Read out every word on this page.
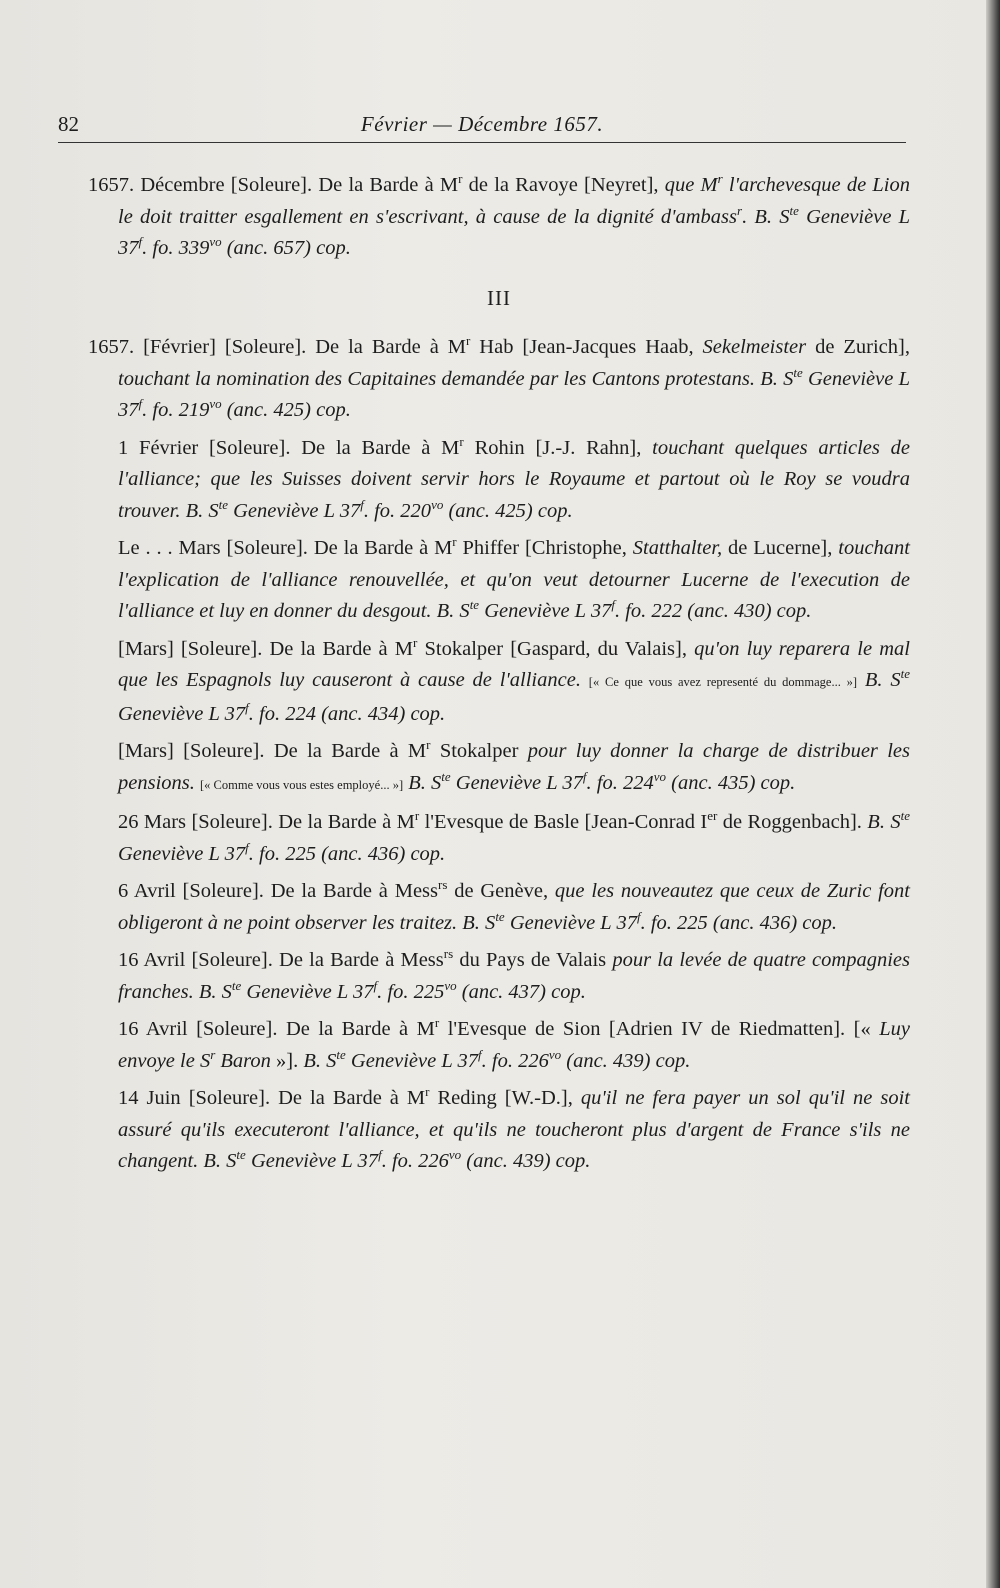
82	Février — Décembre 1657.

1657. Décembre [Soleure]. De la Barde à $M^r$ de la Ravoye [Neyret], que $M^r$ l'archevesque de Lion le doit traitter esgallement en s'escrivant, à cause de la dignité d'ambass$^r$. B. $S^{te}$ Geneviève L 37$^f$. fo. $339^{vo}$ (anc. 657) cop.

III

1657. [Février] [Soleure]. De la Barde à $M^r$ Hab [Jean-Jacques Haab, Sekelmeister de Zurich], touchant la nomination des Capitaines demandée par les Cantons protestans. B. $S^{te}$ Geneviève L 37$^f$. fo. $219^{vo}$ (anc. 425) cop.

1 Février [Soleure]. De la Barde à $M^r$ Rohin [J.-J. Rahn], touchant quelques articles de l'alliance; que les Suisses doivent servir hors le Royaume et partout où le Roy se voudra trouver. B. $S^{te}$ Geneviève L 37$^f$. fo. $220^{vo}$ (anc. 425) cop.

Le . . . Mars [Soleure]. De la Barde à $M^r$ Phiffer [Christophe, Statthalter, de Lucerne], touchant l'explication de l'alliance renouvellée, et qu'on veut detourner Lucerne de l'execution de l'alliance et luy en donner du desgout. B. $S^{te}$ Geneviève L 37$^f$. fo. 222 (anc. 430) cop.

[Mars] [Soleure]. De la Barde à $M^r$ Stokalper [Gaspard, du Valais], qu'on luy reparera le mal que les Espagnols luy causeront à cause de l'alliance. [« Ce que vous avez representé du dommage... »] B. $S^{te}$ Geneviève L 37$^f$. fo. 224 (anc. 434) cop.

[Mars] [Soleure]. De la Barde à $M^r$ Stokalper pour luy donner la charge de distribuer les pensions. [« Comme vous vous estes employé... »] B. $S^{te}$ Geneviève L 37$^f$. fo. $224^{vo}$ (anc. 435) cop.

26 Mars [Soleure]. De la Barde à $M^r$ l'Evesque de Basle [Jean-Conrad Ier de Roggenbach]. B. $S^{te}$ Geneviève L 37$^f$. fo. 225 (anc. 436) cop.

6 Avril [Soleure]. De la Barde à Mess$^{rs}$ de Genève, que les nouveautez que ceux de Zuric font obligeront à ne point observer les traitez. B. $S^{te}$ Geneviève L 37$^f$. fo. 225 (anc. 436) cop.

16 Avril [Soleure]. De la Barde à Mess$^{rs}$ du Pays de Valais pour la levée de quatre compagnies franches. B. $S^{te}$ Geneviève L 37$^f$. fo. $225^{vo}$ (anc. 437) cop.

16 Avril [Soleure]. De la Barde à $M^r$ l'Evesque de Sion [Adrien IV de Riedmatten]. [« Luy envoye le $S^r$ Baron »]. B. $S^{te}$ Geneviève L 37$^f$. fo. $226^{vo}$ (anc. 439) cop.

14 Juin [Soleure]. De la Barde à $M^r$ Reding [W.-D.], qu'il ne fera payer un sol qu'il ne soit assuré qu'ils executeront l'alliance, et qu'ils ne toucheront plus d'argent de France s'ils ne changent. B. $S^{te}$ Geneviève L 37$^f$. fo. $226^{vo}$ (anc. 439) cop.
